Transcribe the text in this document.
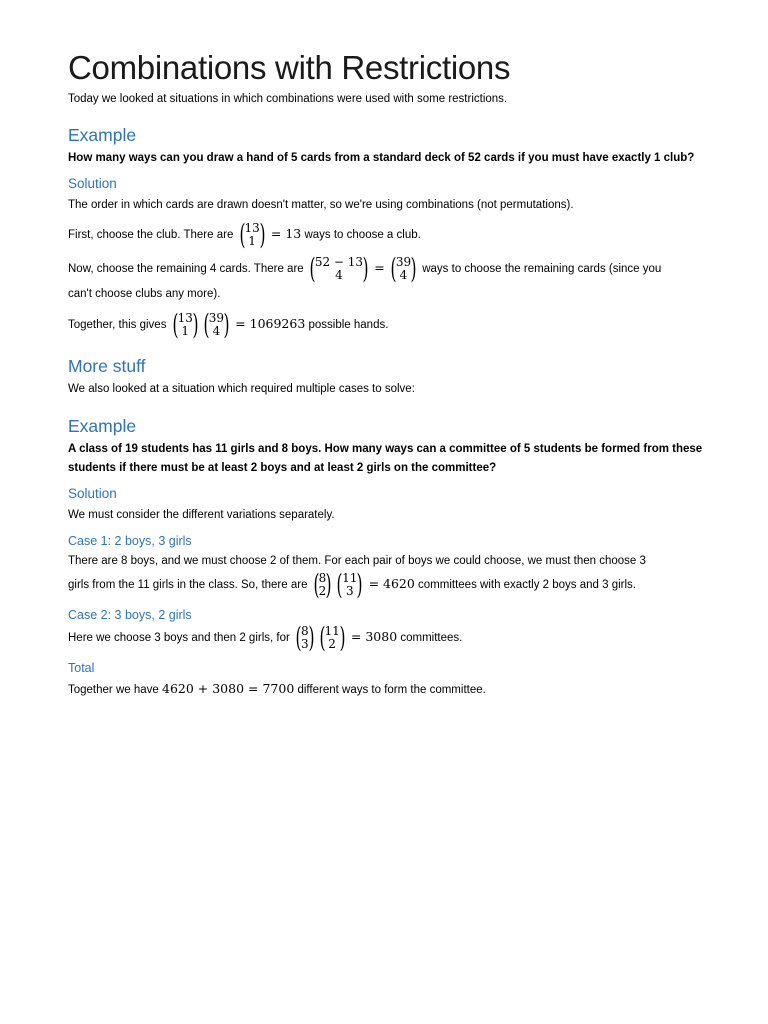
Combinations with Restrictions

Today we looked at situations in which combinations were used with some restrictions.

Example

How many ways can you draw a hand of 5 cards from a standard deck of 52 cards if you must have exactly 1 club?

Solution

The order in which cards are drawn doesn't matter, so we're using combinations (not permutations).

First, choose the club. There are ( 13
1 ) = 13 ways to choose a club.

Now, choose the remaining 4 cards. There are ( 52 − 13
4 ) = ( 39
4 ) ways to choose the remaining cards (since you
can't choose clubs any more).

Together, this gives ( 13
1 ) ( 39
4 ) = 1069263 possible hands.

More stuff

We also looked at a situation which required multiple cases to solve:

Example

A class of 19 students has 11 girls and 8 boys. How many ways can a committee of 5 students be formed from these
students if there must be at least 2 boys and at least 2 girls on the committee?

Solution

We must consider the different variations separately.

Case 1: 2 boys, 3 girls

There are 8 boys, and we must choose 2 of them. For each pair of boys we could choose, we must then choose 3

girls from the 11 girls in the class. So, there are ( 8
2 ) ( 11
3 ) = 4620 committees with exactly 2 boys and 3 girls.

Case 2: 3 boys, 2 girls

Here we choose 3 boys and then 2 girls, for ( 8
3 ) ( 11
2 ) = 3080 committees.

Total

Together we have 4620 + 3080 = 7700 different ways to form the committee.
